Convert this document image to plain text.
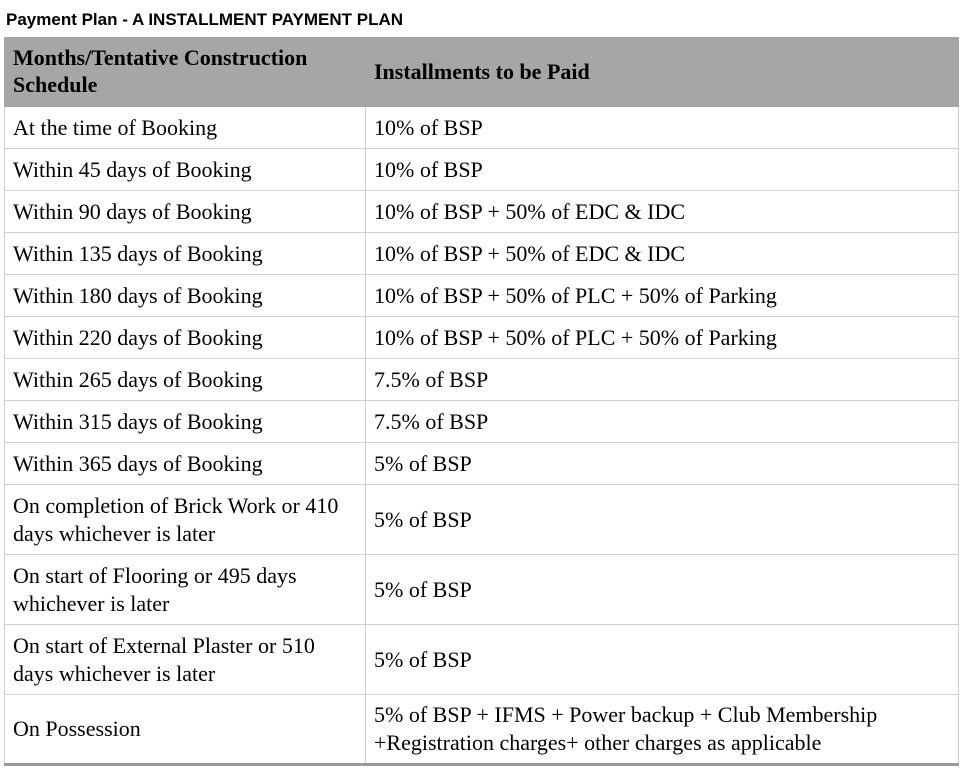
Payment Plan - A INSTALLMENT PAYMENT PLAN
Months/Tentative Construction Schedule	Installments to be Paid
At the time of Booking	10% of BSP
Within 45 days of Booking	10% of BSP
Within 90 days of Booking	10% of BSP + 50% of EDC & IDC
Within 135 days of Booking	10% of BSP + 50% of EDC & IDC
Within 180 days of Booking	10% of BSP + 50% of PLC + 50% of Parking
Within 220 days of Booking	10% of BSP + 50% of PLC + 50% of Parking
Within 265 days of Booking	7.5% of BSP
Within 315 days of Booking	7.5% of BSP
Within 365 days of Booking	5% of BSP
On completion of Brick Work or 410 days whichever is later	5% of BSP
On start of Flooring or 495 days whichever is later	5% of BSP
On start of External Plaster or 510 days whichever is later	5% of BSP
On Possession	5% of BSP + IFMS + Power backup + Club Membership +Registration charges+ other charges as applicable
